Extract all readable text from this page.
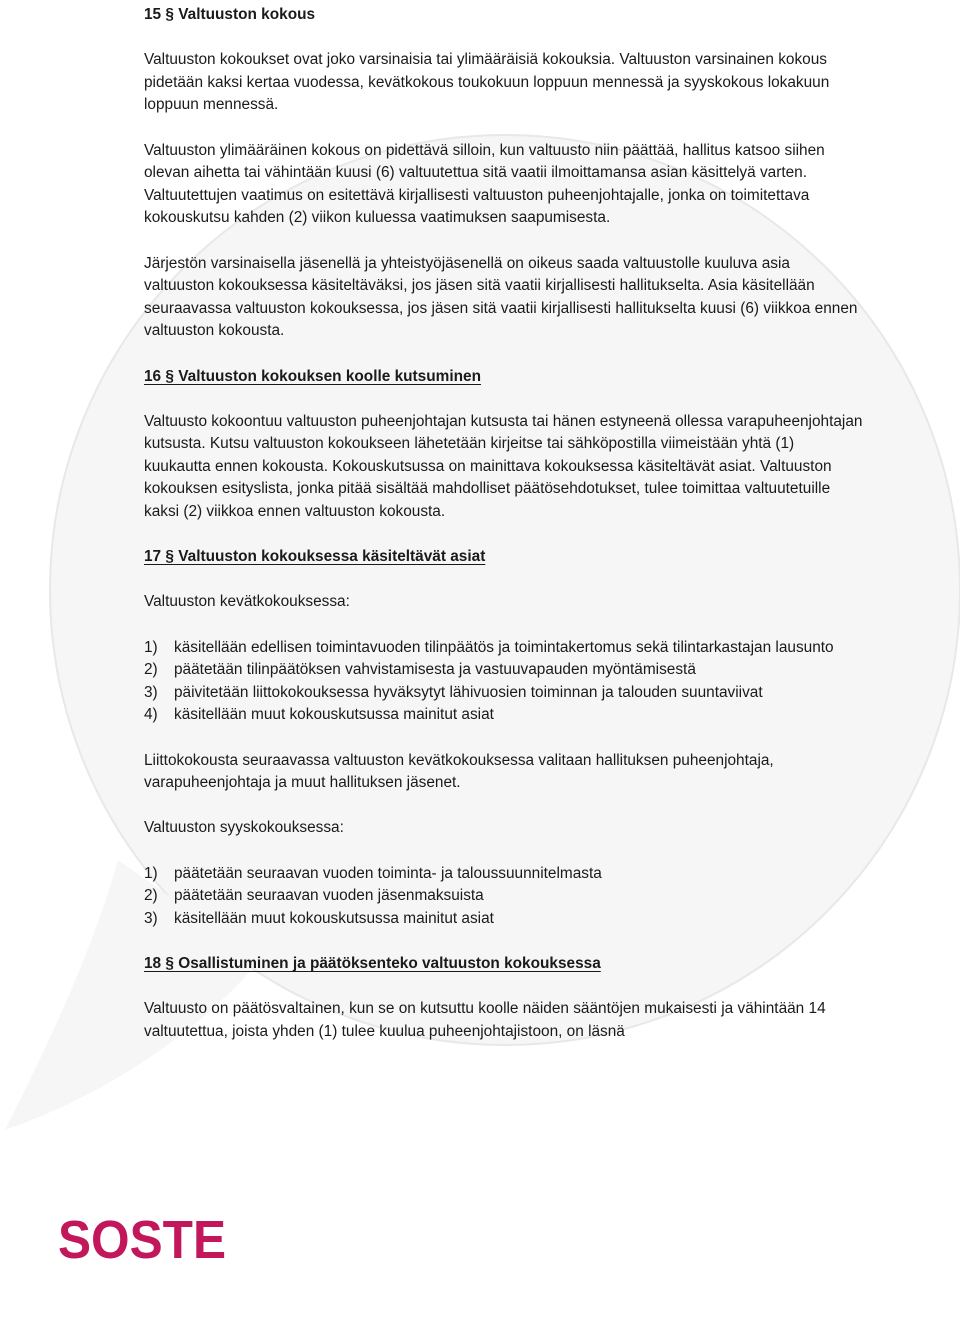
15 § Valtuuston kokous

Valtuuston kokoukset ovat joko varsinaisia tai ylimääräisiä kokouksia. Valtuuston varsinainen kokous pidetään kaksi kertaa vuodessa, kevätkokous toukokuun loppuun mennessä ja syyskokous lokakuun loppuun mennessä.

Valtuuston ylimääräinen kokous on pidettävä silloin, kun valtuusto niin päättää, hallitus katsoo siihen olevan aihetta tai vähintään kuusi (6) valtuutettua sitä vaatii ilmoittamansa asian käsittelyä varten. Valtuutettujen vaatimus on esitettävä kirjallisesti valtuuston puheenjohtajalle, jonka on toimitettava kokouskutsu kahden (2) viikon kuluessa vaatimuksen saapumisesta.

Järjestön varsinaisella jäsenellä ja yhteistyöjäsenellä on oikeus saada valtuustolle kuuluva asia valtuuston kokouksessa käsiteltäväksi, jos jäsen sitä vaatii kirjallisesti hallitukselta. Asia käsitellään seuraavassa valtuuston kokouksessa, jos jäsen sitä vaatii kirjallisesti hallitukselta kuusi (6) viikkoa ennen valtuuston kokousta.

16 § Valtuuston kokouksen koolle kutsuminen

Valtuusto kokoontuu valtuuston puheenjohtajan kutsusta tai hänen estyneenä ollessa varapuheenjohtajan kutsusta. Kutsu valtuuston kokoukseen lähetetään kirjeitse tai sähköpostilla viimeistään yhtä (1) kuukautta ennen kokousta. Kokouskutsussa on mainittava kokouksessa käsiteltävät asiat. Valtuuston kokouksen esityslista, jonka pitää sisältää mahdolliset päätösehdotukset, tulee toimittaa valtuutetuille kaksi (2) viikkoa ennen valtuuston kokousta.

17 § Valtuuston kokouksessa käsiteltävät asiat

Valtuuston kevätkokouksessa:

1) käsitellään edellisen toimintavuoden tilinpäätös ja toimintakertomus sekä tilintarkastajan lausunto
2) päätetään tilinpäätöksen vahvistamisesta ja vastuuvapauden myöntämisestä
3) päivitetään liittokokouksessa hyväksytyt lähivuosien toiminnan ja talouden suuntaviivat
4) käsitellään muut kokouskutsussa mainitut asiat

Liittokokousta seuraavassa valtuuston kevätkokouksessa valitaan hallituksen puheenjohtaja, varapuheenjohtaja ja muut hallituksen jäsenet.

Valtuuston syyskokouksessa:

1) päätetään seuraavan vuoden toiminta- ja taloussuunnitelmasta
2) päätetään seuraavan vuoden jäsenmaksuista
3) käsitellään muut kokouskutsussa mainitut asiat
18 § Osallistuminen ja päätöksenteko valtuuston kokouksessa

Valtuusto on päätösvaltainen, kun se on kutsuttu koolle näiden sääntöjen mukaisesti ja vähintään 14 valtuutettua, joista yhden (1) tulee kuulua puheenjohtajistoon, on läsnä

SOSTE
